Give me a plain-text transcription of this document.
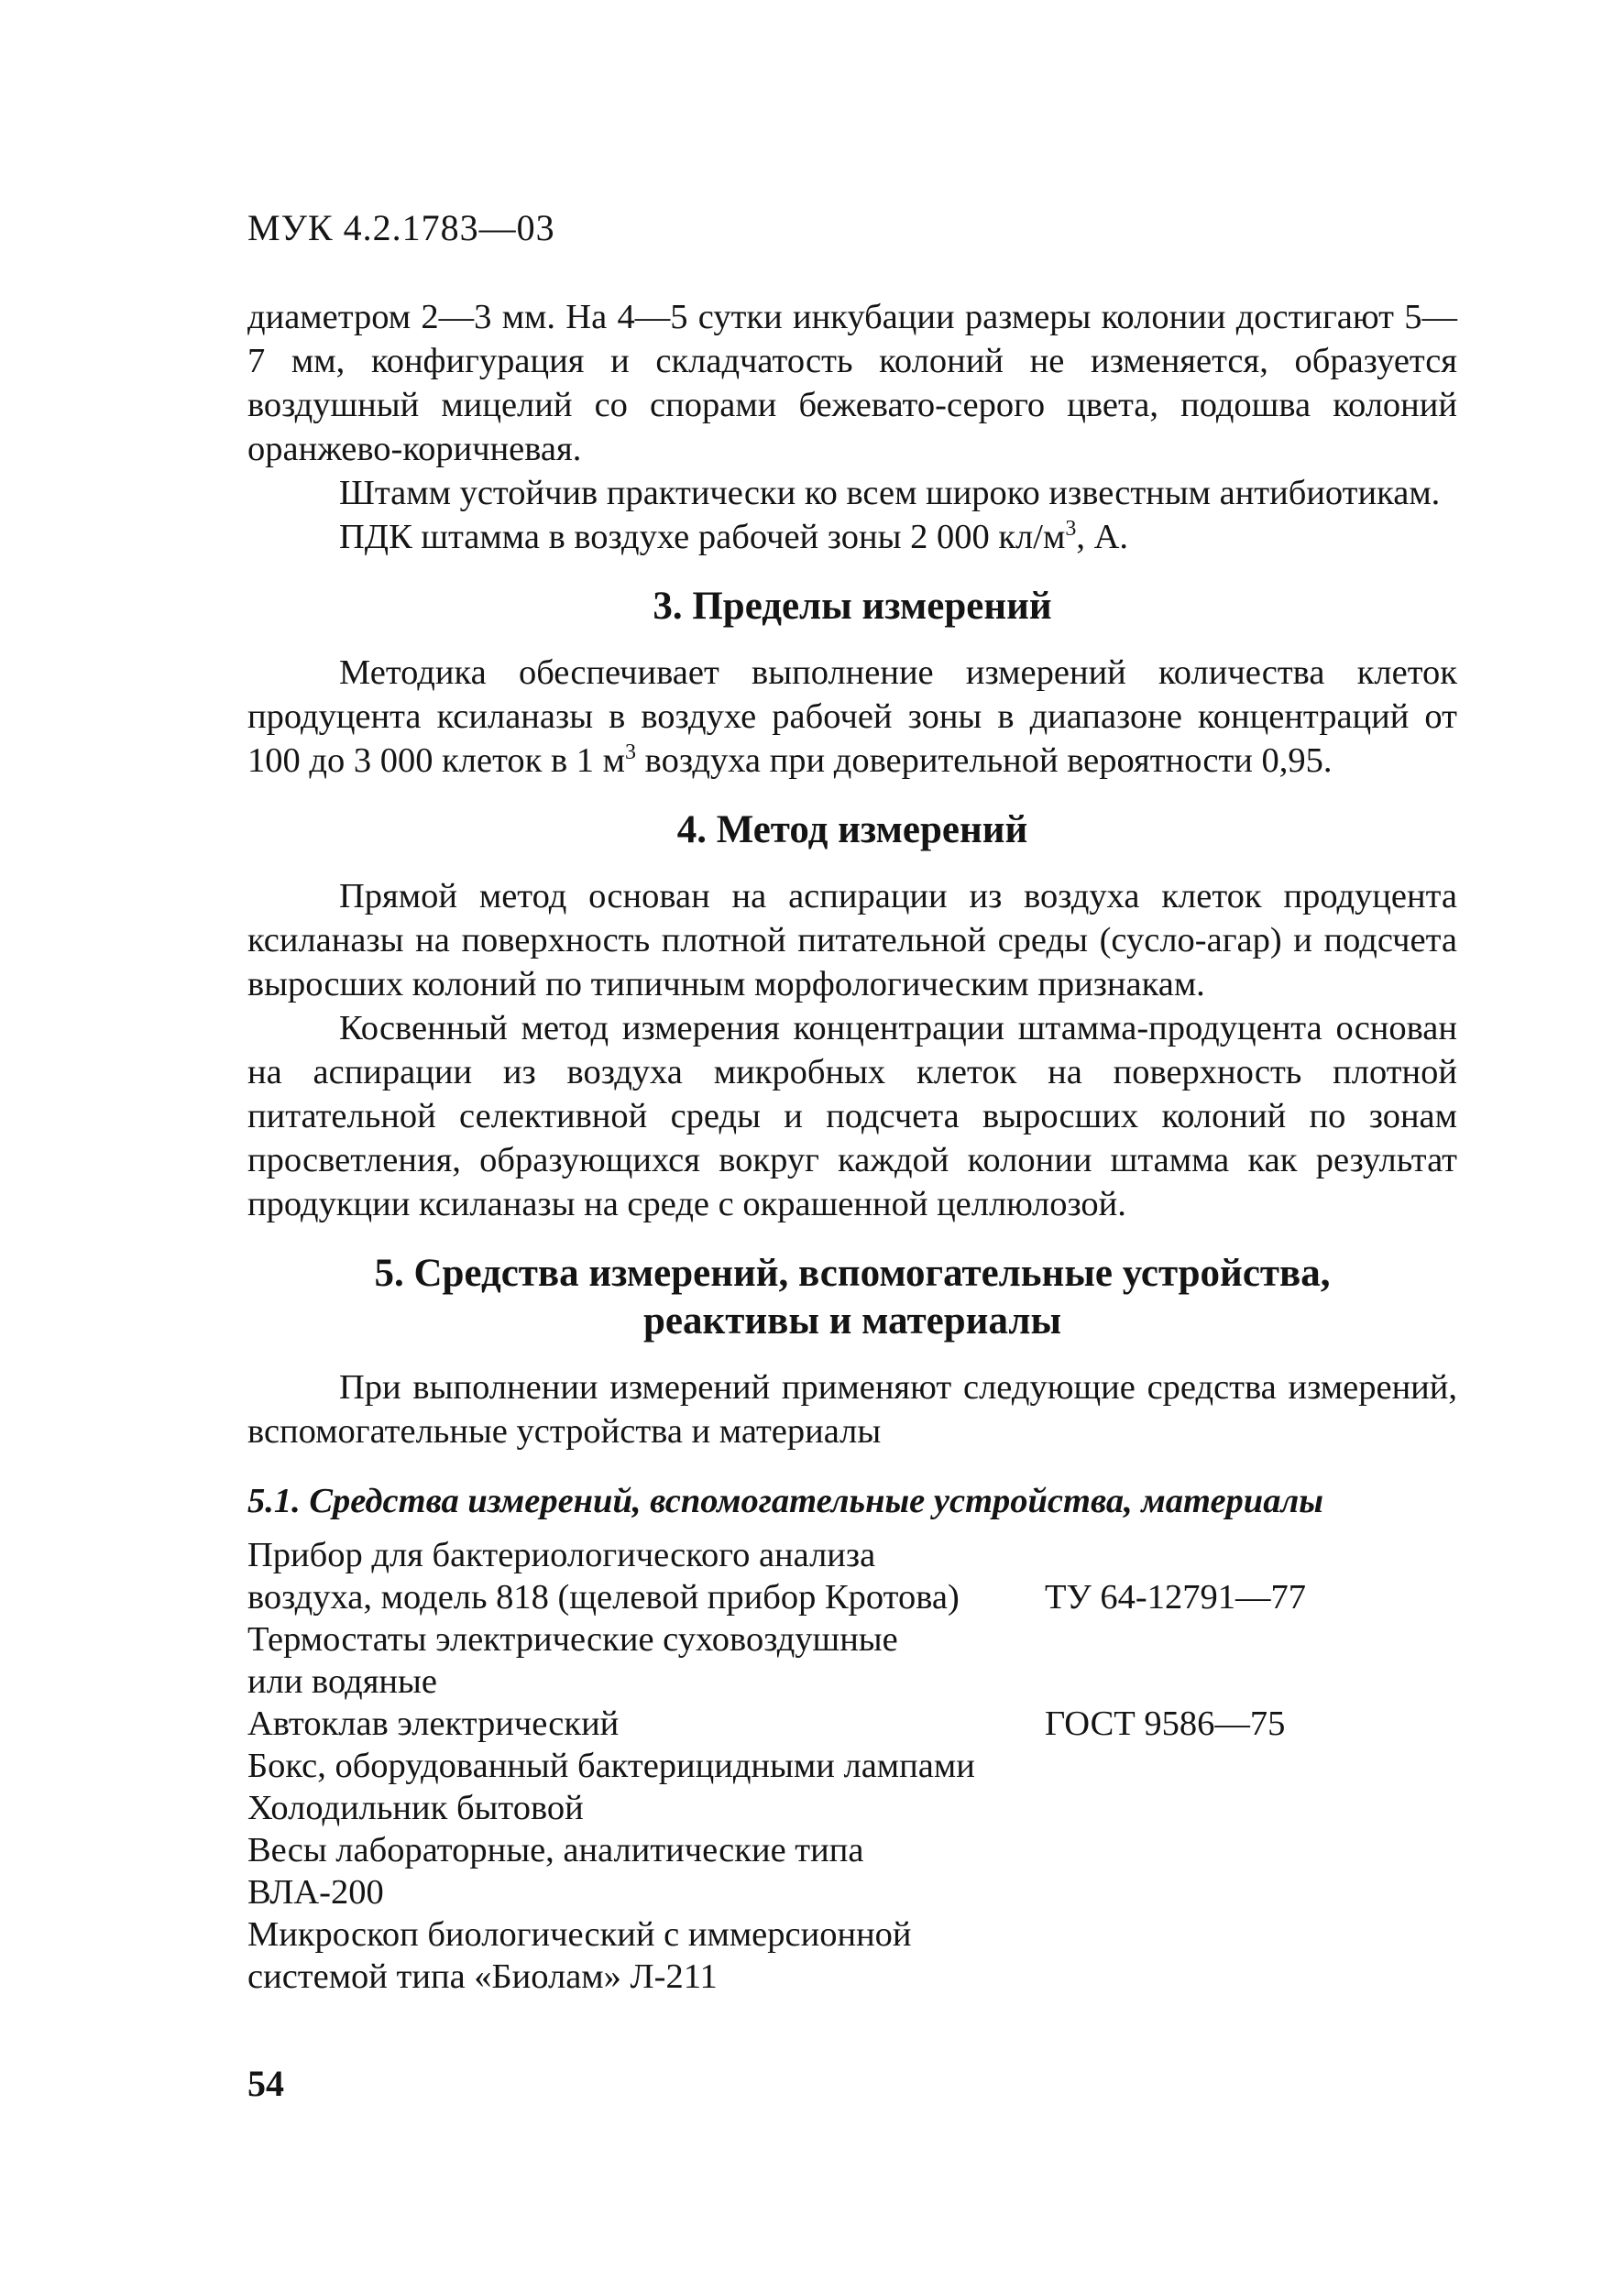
МУК 4.2.1783—03

диаметром 2—3 мм. На 4—5 сутки инкубации размеры колонии достигают 5—7 мм, конфигурация и складчатость колоний не изменяется, образуется воздушный мицелий со спорами бежевато-серого цвета, подошва колоний оранжево-коричневая.

Штамм устойчив практически ко всем широко известным антибиотикам.

ПДК штамма в воздухе рабочей зоны 2 000 $кл/м^3$, А.

3. Пределы измерений

Методика обеспечивает выполнение измерений количества клеток продуцента ксиланазы в воздухе рабочей зоны в диапазоне концентраций от 100 до 3 000 клеток в 1 $м^3$ воздуха при доверительной вероятности 0,95.

4. Метод измерений

Прямой метод основан на аспирации из воздуха клеток продуцента ксиланазы на поверхность плотной питательной среды (сусло-агар) и подсчета выросших колоний по типичным морфологическим признакам.

Косвенный метод измерения концентрации штамма-продуцента основан на аспирации из воздуха микробных клеток на поверхность плотной питательной селективной среды и подсчета выросших колоний по зонам просветления, образующихся вокруг каждой колонии штамма как результат продукции ксиланазы на среде с окрашенной целлюлозой.

5. Средства измерений, вспомогательные устройства,
реактивы и материалы

При выполнении измерений применяют следующие средства измерений, вспомогательные устройства и материалы

5.1. Средства измерений, вспомогательные устройства, материалы
Прибор для бактериологического анализа
воздуха, модель 818 (щелевой прибор Кротова)	ТУ 64-12791—77
Термостаты электрические суховоздушные
или водяные
Автоклав электрический	ГОСТ 9586—75
Бокс, оборудованный бактерицидными лампами
Холодильник бытовой
Весы лабораторные, аналитические типа
ВЛА-200
Микроскоп биологический с иммерсионной
системой типа «Биолам» Л-211
54
